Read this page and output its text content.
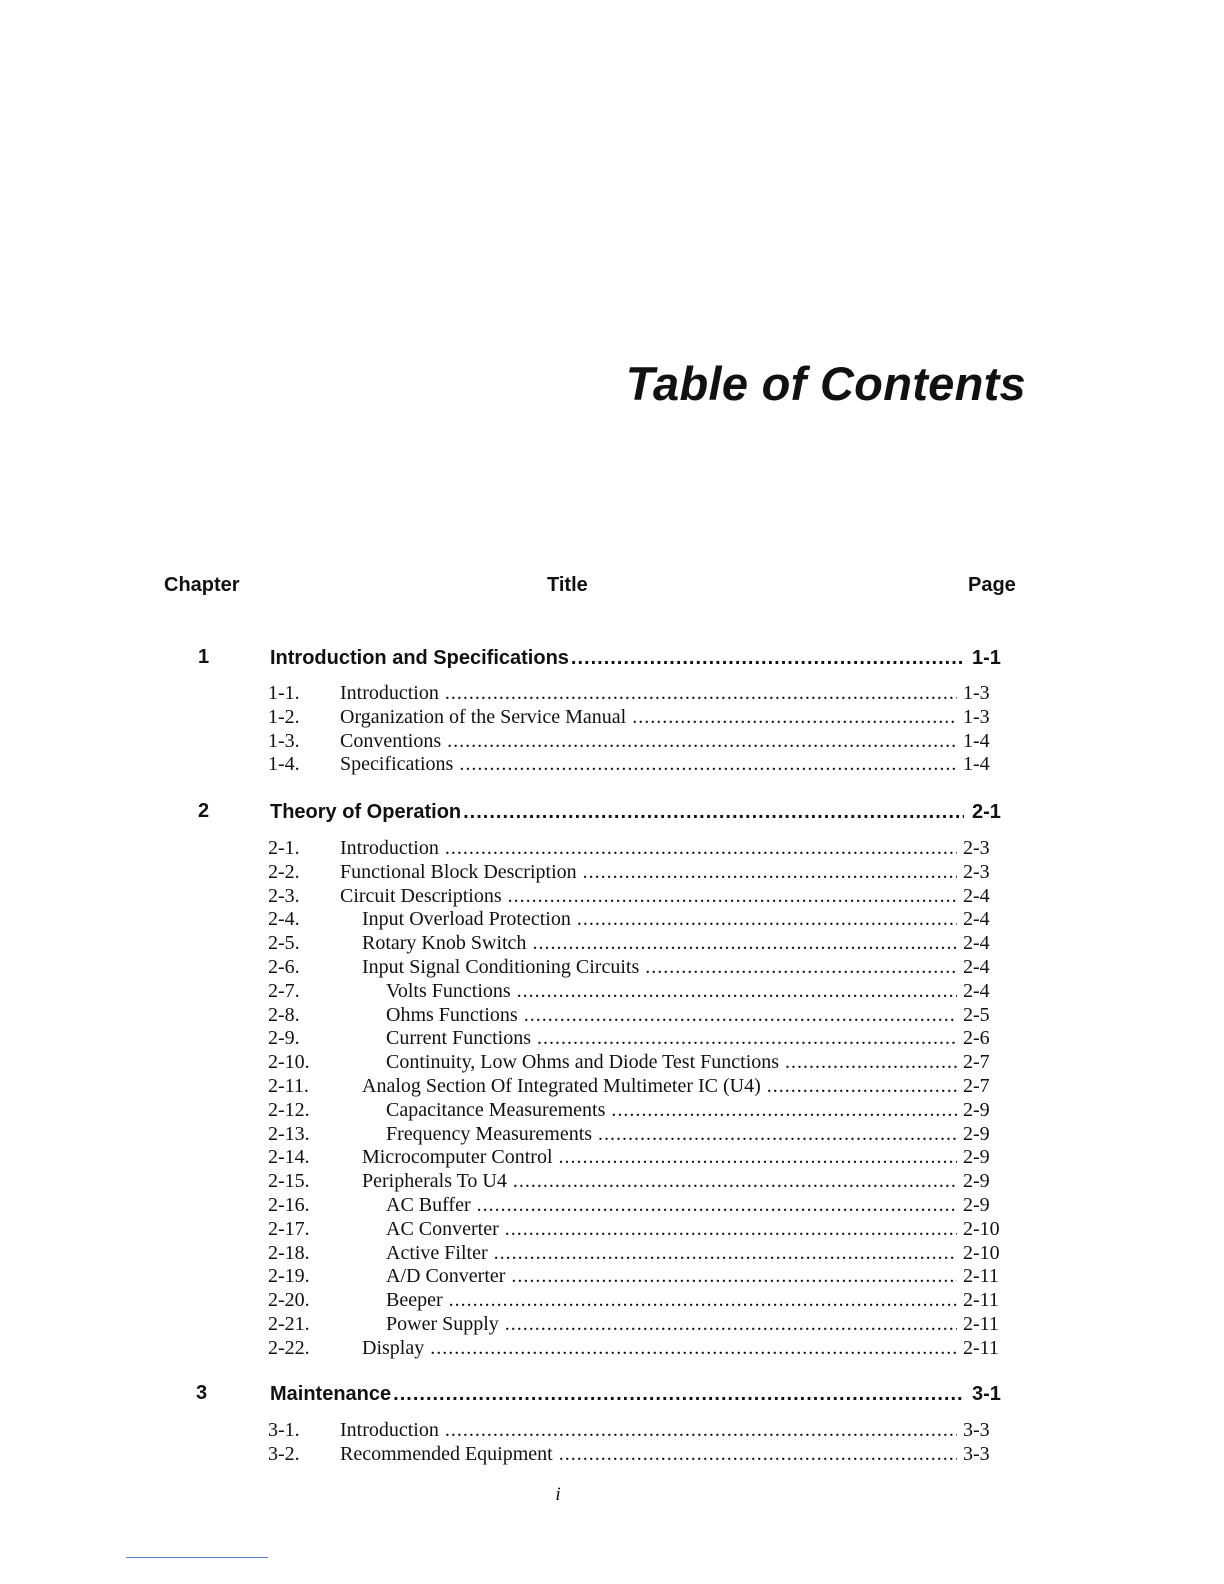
Table of Contents
Chapter	Title	Page
1	Introduction and Specifications .....	1-1
1-1.	Introduction .....	1-3
1-2.	Organization of the Service Manual .....	1-3
1-3.	Conventions .....	1-4
1-4.	Specifications .....	1-4
2	Theory of Operation .....	2-1
2-1.	Introduction .....	2-3
2-2.	Functional Block Description .....	2-3
2-3.	Circuit Descriptions .....	2-4
2-4.	Input Overload Protection .....	2-4
2-5.	Rotary Knob Switch .....	2-4
2-6.	Input Signal Conditioning Circuits .....	2-4
2-7.	Volts Functions .....	2-4
2-8.	Ohms Functions .....	2-5
2-9.	Current Functions .....	2-6
2-10.	Continuity, Low Ohms and Diode Test Functions .....	2-7
2-11.	Analog Section Of Integrated Multimeter IC (U4) .....	2-7
2-12.	Capacitance Measurements .....	2-9
2-13.	Frequency Measurements .....	2-9
2-14.	Microcomputer Control .....	2-9
2-15.	Peripherals To U4 .....	2-9
2-16.	AC Buffer .....	2-9
2-17.	AC Converter .....	2-10
2-18.	Active Filter .....	2-10
2-19.	A/D Converter .....	2-11
2-20.	Beeper .....	2-11
2-21.	Power Supply .....	2-11
2-22.	Display .....	2-11
3	Maintenance .....	3-1
3-1.	Introduction .....	3-3
3-2.	Recommended Equipment .....	3-3
i
